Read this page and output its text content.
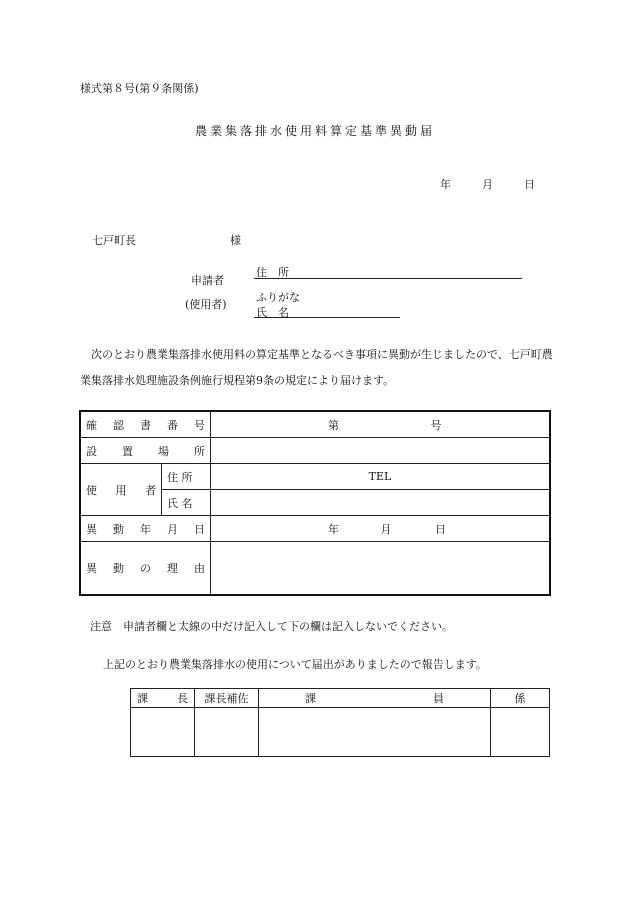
様式第８号(第９条関係)
農業集落排水使用料算定基準異動届
年	月	日
七戸町長	様
申請者
(使用者)
住　所
ふりがな
氏　名
次のとおり農業集落排水使用料の算定基準となるべき事項に異動が生じましたので、七戸町農業集落排水処理施設条例施行規程第9条の規定により届けます。
確 認 書 番 号		第 号

設 置 場 所		

使 用 者	住 所	TEL
	氏 名	

異 動 年 月 日		年 月 日

異 動 の 理 由		

注意　申請者欄と太線の中だけ記入して下の欄は記入しないでください。
上記のとおり農業集落排水の使用について届出がありましたので報告します。
課 長	課長補佐	課 員	係
